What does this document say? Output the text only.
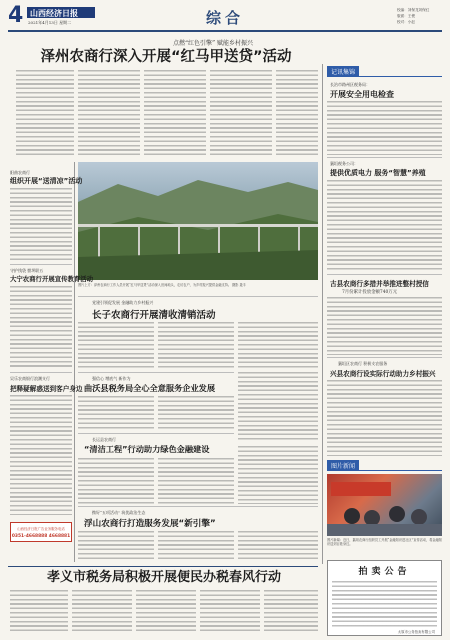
4 山西经济日报
2021年4月13日 星期二	综合	校编：刘保龙刘保红
版面：王俊
校对：小赵
点燃“红色引擎” 赋能乡村振兴
泽州农商行深入开展“红马甲送贷”活动
图片上方：泽州农商行工作人员开展“红马甲送贷”活动深入田间地头，走访农户，为乡村振兴提供金融支持。 摄影 聂丰
阳曲农商行
组织开展“送清凉”活动
守护钱袋 惯坝联五
大宁农商行开展宣传教育活动
吴乐农商银行浪潮支行
把释疑解惑送到客户身边
山西经济日报广告业务服务电话
0351-4668888 4668881
党建引领促发展 金融助力乡村振兴
长子农商行开展清收清销活动
强信心 增底气 新作为
曲沃县税务局全心全意服务企业发展
长运县农商行
“清洁工程”行动助力绿色金融建设
携好“五项活动” 筑优政治生态
浮山农商行打造服务发展“新引擎”
记讯集锦
长治市路州区税务局：
开展安全用电检查
襄垣税务公司：
提供优质电力 服务“智慧”养殖
古县农商行多措并举推进整村授信
7月份累计投放金额740万元
襄垣区农商行 积极支农服务
兴县农商行设实际行动助力乡村振兴
图片新闻
图片新闻：近日，襄垣农商行组织员工开展“金融知识进社区”宣传活动，将金融知识送到百姓身边。
孝义市税务局积极开展便民办税春风行动	拍卖公告
太原市公务拍卖有限公司
